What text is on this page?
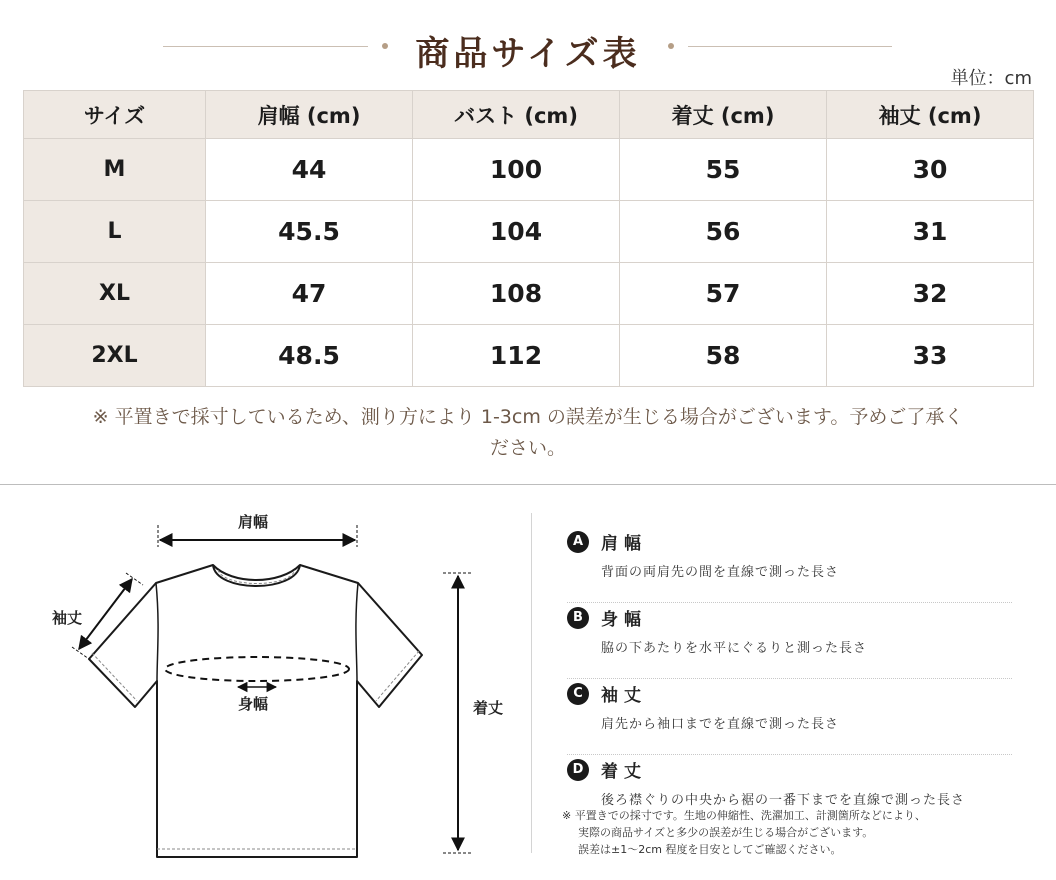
商品サイズ表
単位：cm
サイズ	肩幅 (cm)	バスト (cm)	着丈 (cm)	袖丈 (cm)
M	44	100	55	30
L	45.5	104	56	31
XL	47	108	57	32
2XL	48.5	112	58	33
※ 平置きで採寸しているため、測り方により 1-3cm の誤差が生じる場合がございます。予めご了承く
ださい。
肩幅
袖丈
身幅	着丈
A	肩幅
背面の両肩先の間を直線で測った長さ
B	身幅
脇の下あたりを水平にぐるりと測った長さ
C	袖丈
肩先から袖口までを直線で測った長さ
D	着丈
後ろ襟ぐりの中央から裾の一番下までを直線で測った長さ
※ 平置きでの採寸です。生地の伸縮性、洗濯加工、計測箇所などにより、
実際の商品サイズと多少の誤差が生じる場合がございます。
誤差は±1〜2cm 程度を目安としてご確認ください。
